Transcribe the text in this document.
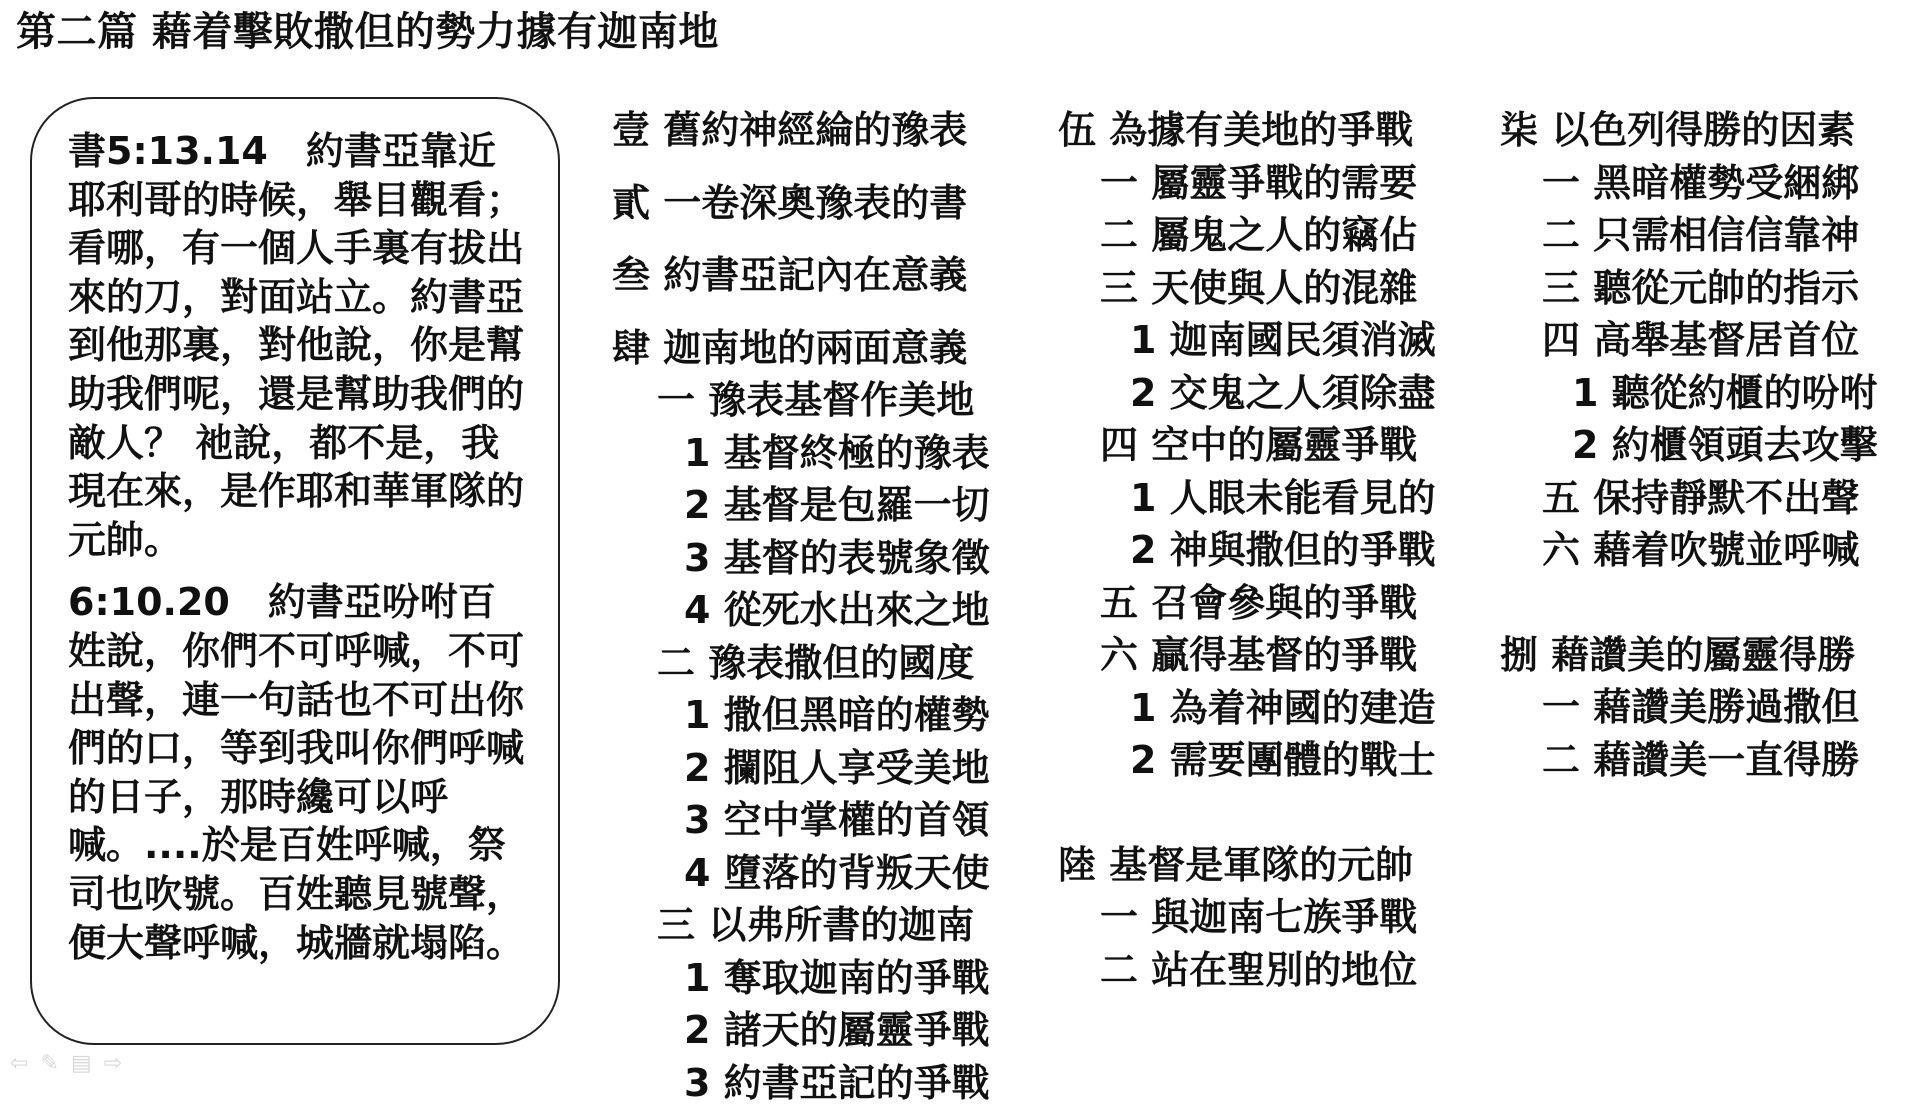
第二篇 藉着擊敗撒但的勢力據有迦南地

書5:13.14　約書亞靠近耶利哥的時候，舉目觀看；看哪，有一個人手裏有拔出來的刀，對面站立。約書亞到他那裏，對他說，你是幫助我們呢，還是幫助我們的敵人？ 祂說，都不是，我現在來，是作耶和華軍隊的元帥。

6:10.20　約書亞吩咐百姓說，你們不可呼喊，不可出聲，連一句話也不可出你們的口，等到我叫你們呼喊的日子，那時纔可以呼喊。....於是百姓呼喊，祭司也吹號。百姓聽見號聲，便大聲呼喊，城牆就塌陷。

壹 舊約神經綸的豫表
貳 一卷深奧豫表的書
叁 約書亞記內在意義
肆 迦南地的兩面意義
一 豫表基督作美地
1 基督終極的豫表
2 基督是包羅一切
3 基督的表號象徵
4 從死水出來之地
二 豫表撒但的國度
1 撒但黑暗的權勢
2 攔阻人享受美地
3 空中掌權的首領
4 墮落的背叛天使
三 以弗所書的迦南
1 奪取迦南的爭戰
2 諸天的屬靈爭戰
3 約書亞記的爭戰
伍 為據有美地的爭戰
一 屬靈爭戰的需要
二 屬鬼之人的竊佔
三 天使與人的混雜
1 迦南國民須消滅
2 交鬼之人須除盡
四 空中的屬靈爭戰
1 人眼未能看見的
2 神與撒但的爭戰
五 召會參與的爭戰
六 贏得基督的爭戰
1 為着神國的建造
2 需要團體的戰士
陸 基督是軍隊的元帥
一 與迦南七族爭戰
二 站在聖別的地位
柒 以色列得勝的因素
一 黑暗權勢受綑綁
二 只需相信信靠神
三 聽從元帥的指示
四 高舉基督居首位
1 聽從約櫃的吩咐
2 約櫃領頭去攻擊
五 保持靜默不出聲
六 藉着吹號並呼喊
捌 藉讚美的屬靈得勝
一 藉讚美勝過撒但
二 藉讚美一直得勝
⇦ ✎ ▤ ⇨
